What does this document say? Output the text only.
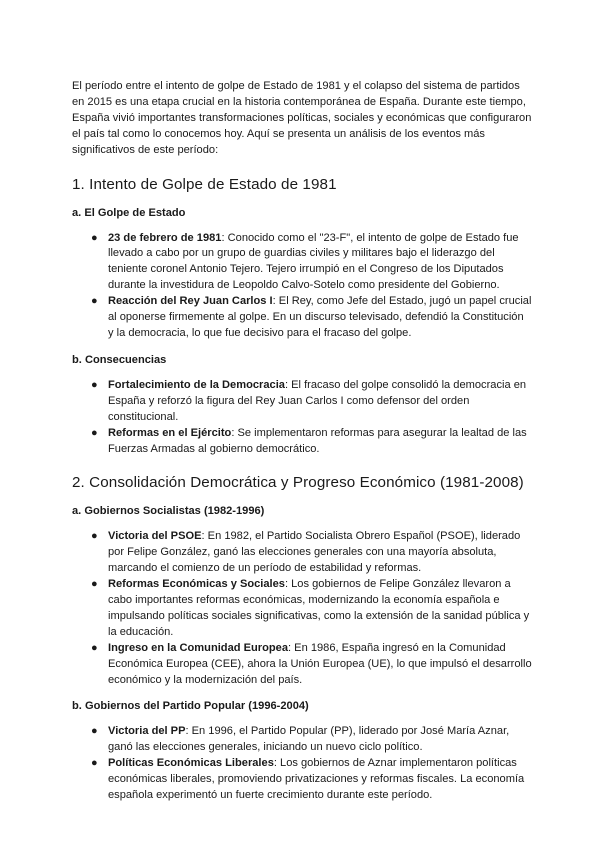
El período entre el intento de golpe de Estado de 1981 y el colapso del sistema de partidos en 2015 es una etapa crucial en la historia contemporánea de España. Durante este tiempo, España vivió importantes transformaciones políticas, sociales y económicas que configuraron el país tal como lo conocemos hoy. Aquí se presenta un análisis de los eventos más significativos de este período:

1. Intento de Golpe de Estado de 1981
a. El Golpe de Estado
● 23 de febrero de 1981: Conocido como el "23-F", el intento de golpe de Estado fue llevado a cabo por un grupo de guardias civiles y militares bajo el liderazgo del teniente coronel Antonio Tejero. Tejero irrumpió en el Congreso de los Diputados durante la investidura de Leopoldo Calvo-Sotelo como presidente del Gobierno.
● Reacción del Rey Juan Carlos I: El Rey, como Jefe del Estado, jugó un papel crucial al oponerse firmemente al golpe. En un discurso televisado, defendió la Constitución y la democracia, lo que fue decisivo para el fracaso del golpe.
b. Consecuencias
● Fortalecimiento de la Democracia: El fracaso del golpe consolidó la democracia en España y reforzó la figura del Rey Juan Carlos I como defensor del orden constitucional.
● Reformas en el Ejército: Se implementaron reformas para asegurar la lealtad de las Fuerzas Armadas al gobierno democrático.
2. Consolidación Democrática y Progreso Económico (1981-2008)
a. Gobiernos Socialistas (1982-1996)
● Victoria del PSOE: En 1982, el Partido Socialista Obrero Español (PSOE), liderado por Felipe González, ganó las elecciones generales con una mayoría absoluta, marcando el comienzo de un período de estabilidad y reformas.
● Reformas Económicas y Sociales: Los gobiernos de Felipe González llevaron a cabo importantes reformas económicas, modernizando la economía española e impulsando políticas sociales significativas, como la extensión de la sanidad pública y la educación.
● Ingreso en la Comunidad Europea: En 1986, España ingresó en la Comunidad Económica Europea (CEE), ahora la Unión Europea (UE), lo que impulsó el desarrollo económico y la modernización del país.
b. Gobiernos del Partido Popular (1996-2004)
● Victoria del PP: En 1996, el Partido Popular (PP), liderado por José María Aznar, ganó las elecciones generales, iniciando un nuevo ciclo político.
● Políticas Económicas Liberales: Los gobiernos de Aznar implementaron políticas económicas liberales, promoviendo privatizaciones y reformas fiscales. La economía española experimentó un fuerte crecimiento durante este período.
